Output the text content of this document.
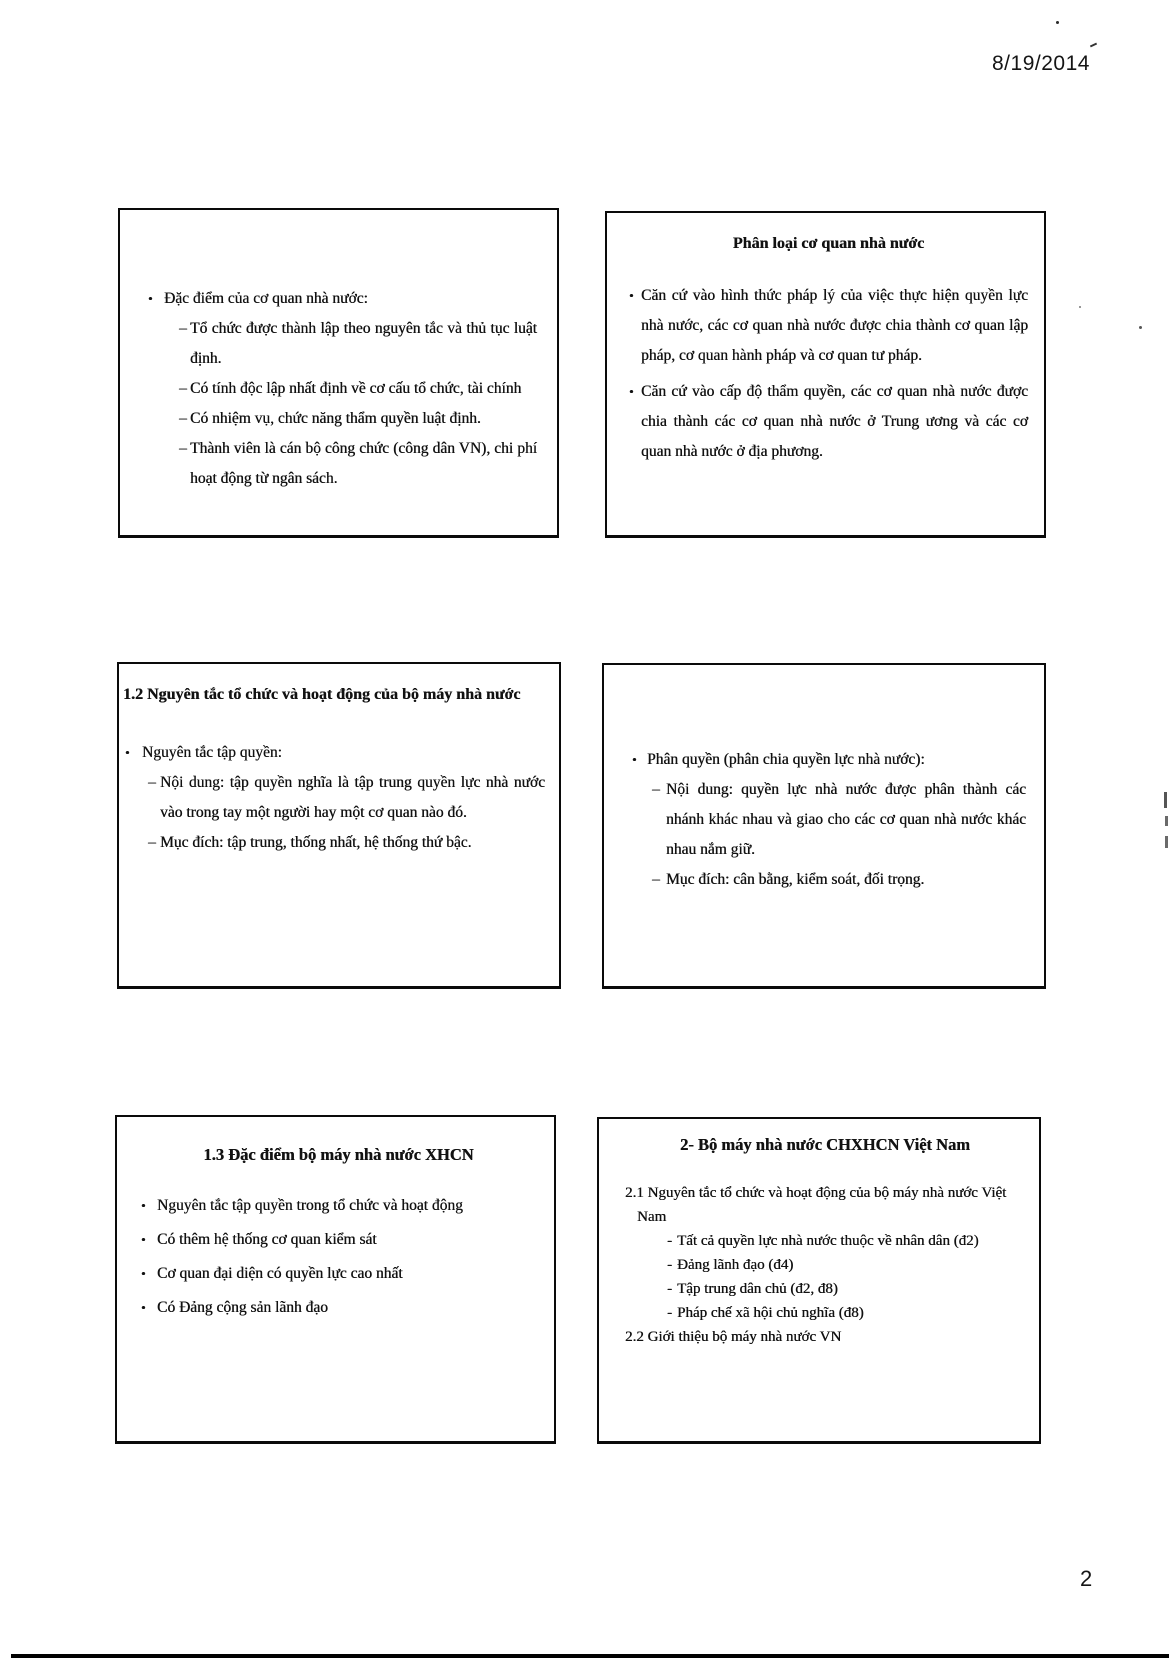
8/19/2014
• Đặc điểm của cơ quan nhà nước:
– Tổ chức được thành lập theo nguyên tắc và thủ tục luật định.
– Có tính độc lập nhất định về cơ cấu tổ chức, tài chính
– Có nhiệm vụ, chức năng thẩm quyền luật định.
– Thành viên là cán bộ công chức (công dân VN), chi phí hoạt động từ ngân sách.
Phân loại cơ quan nhà nước
• Căn cứ vào hình thức pháp lý của việc thực hiện quyền lực nhà nước, các cơ quan nhà nước được chia thành cơ quan lập pháp, cơ quan hành pháp và cơ quan tư pháp.
• Căn cứ vào cấp độ thẩm quyền, các cơ quan nhà nước được chia thành các cơ quan nhà nước ở Trung ương và các cơ quan nhà nước ở địa phương.
1.2 Nguyên tắc tổ chức và hoạt động của bộ máy nhà nước
• Nguyên tắc tập quyền:
– Nội dung: tập quyền nghĩa là tập trung quyền lực nhà nước vào trong tay một người hay một cơ quan nào đó.
– Mục đích: tập trung, thống nhất, hệ thống thứ bậc.
• Phân quyền (phân chia quyền lực nhà nước):
– Nội dung: quyền lực nhà nước được phân thành các nhánh khác nhau và giao cho các cơ quan nhà nước khác nhau nắm giữ.
– Mục đích: cân bằng, kiểm soát, đối trọng.
1.3 Đặc điểm bộ máy nhà nước XHCN
• Nguyên tắc tập quyền trong tổ chức và hoạt động
• Có thêm hệ thống cơ quan kiểm sát
• Cơ quan đại diện có quyền lực cao nhất
• Có Đảng cộng sản lãnh đạo
2- Bộ máy nhà nước CHXHCN Việt Nam
2.1 Nguyên tắc tổ chức và hoạt động của bộ máy nhà nước Việt Nam
- Tất cả quyền lực nhà nước thuộc về nhân dân (đ2)
- Đảng lãnh đạo (đ4)
- Tập trung dân chủ (đ2, đ8)
- Pháp chế xã hội chủ nghĩa (đ8)
2.2 Giới thiệu bộ máy nhà nước VN
2
